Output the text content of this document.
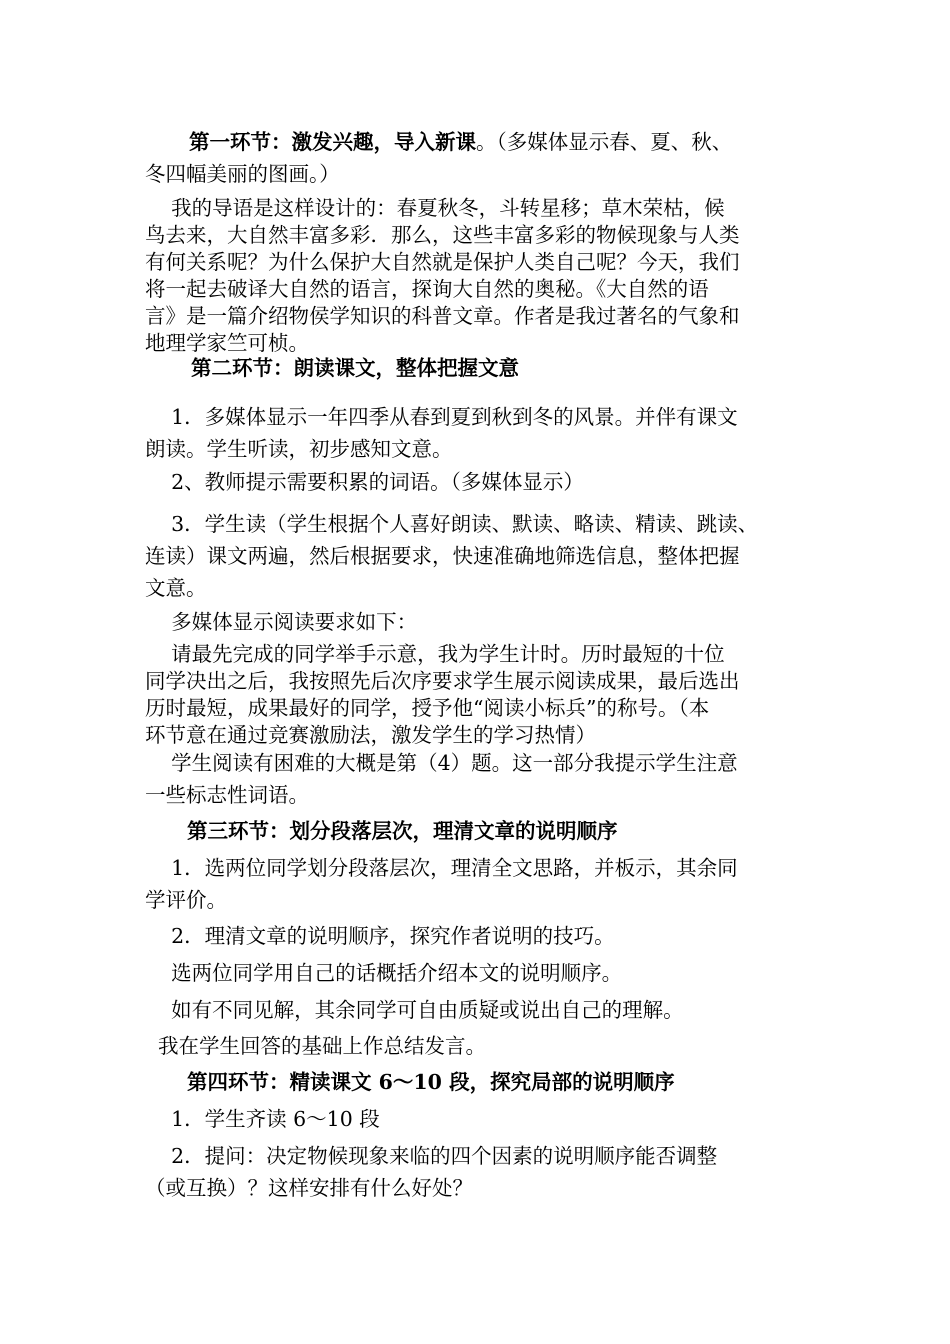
第一环节：激发兴趣，导入新课。（多媒体显示春、夏、秋、
冬四幅美丽的图画。）
我的导语是这样设计的：春夏秋冬，斗转星移；草木荣枯，候
鸟去来，大自然丰富多彩．那么，这些丰富多彩的物候现象与人类
有何关系呢？为什么保护大自然就是保护人类自己呢？今天，我们
将一起去破译大自然的语言，探询大自然的奥秘。《大自然的语
言》是一篇介绍物侯学知识的科普文章。作者是我过著名的气象和
地理学家竺可桢。
第二环节：朗读课文，整体把握文意
1．多媒体显示一年四季从春到夏到秋到冬的风景。并伴有课文
朗读。学生听读，初步感知文意。
2、教师提示需要积累的词语。（多媒体显示）
3．学生读（学生根据个人喜好朗读、默读、略读、精读、跳读、
连读）课文两遍，然后根据要求，快速准确地筛选信息，整体把握
文意。
多媒体显示阅读要求如下：
请最先完成的同学举手示意，我为学生计时。历时最短的十位
同学决出之后，我按照先后次序要求学生展示阅读成果，最后选出
历时最短，成果最好的同学，授予他“阅读小标兵”的称号。（本
环节意在通过竞赛激励法，激发学生的学习热情）
学生阅读有困难的大概是第（4）题。这一部分我提示学生注意
一些标志性词语。
第三环节：划分段落层次，理清文章的说明顺序
1．选两位同学划分段落层次，理清全文思路，并板示，其余同
学评价。
2．理清文章的说明顺序，探究作者说明的技巧。
选两位同学用自己的话概括介绍本文的说明顺序。
如有不同见解，其余同学可自由质疑或说出自己的理解。
我在学生回答的基础上作总结发言。
第四环节：精读课文 6～10 段，探究局部的说明顺序
1．学生齐读 6～10 段
2．提问：决定物候现象来临的四个因素的说明顺序能否调整
（或互换）？这样安排有什么好处？
